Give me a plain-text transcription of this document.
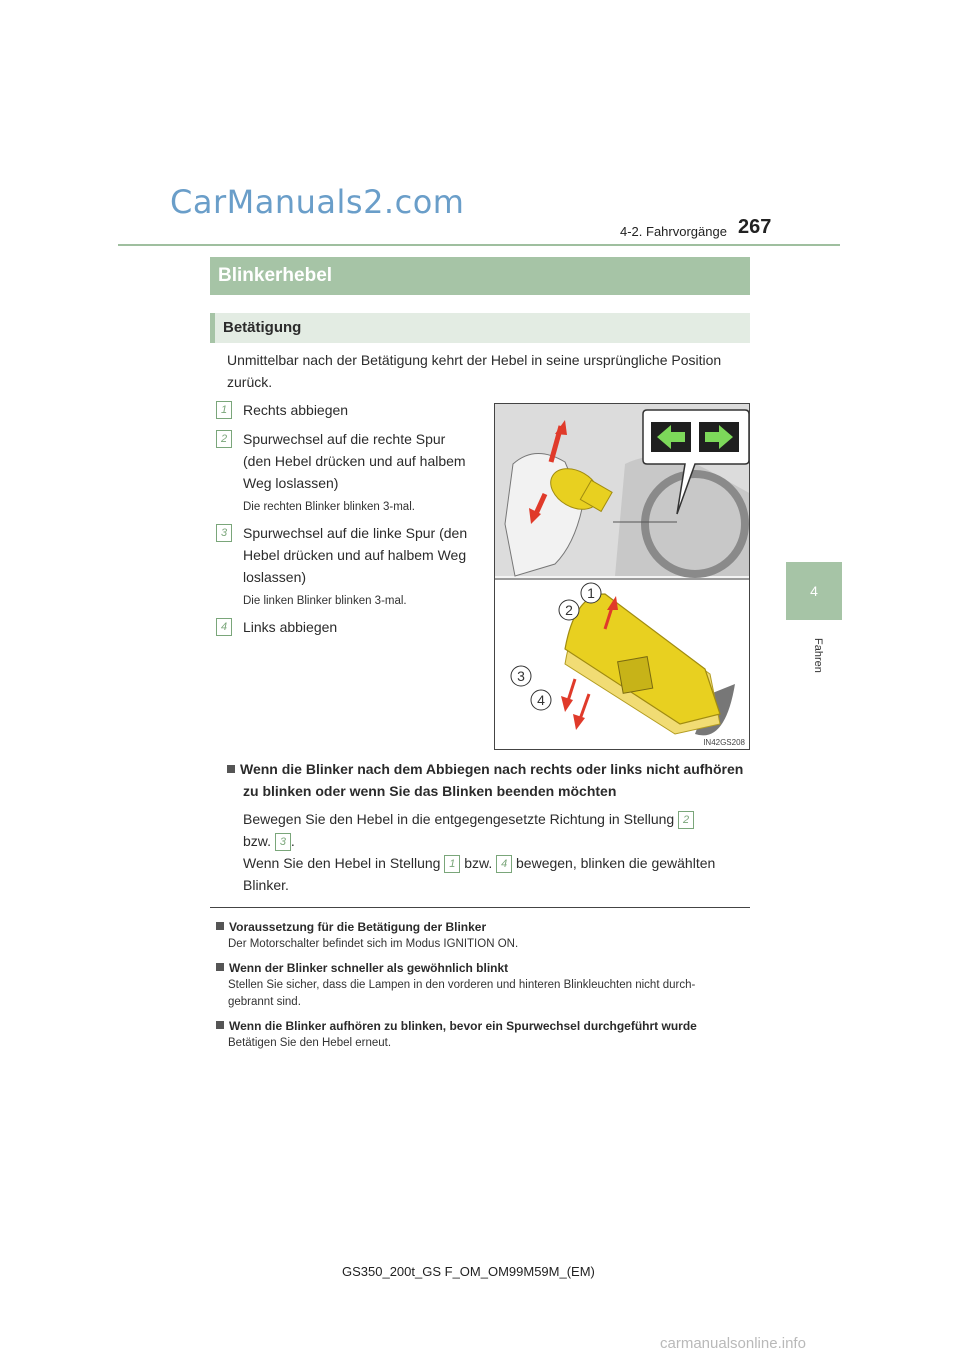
CarManuals2.com
4-2. Fahrvorgänge 267
4
Fahren
Blinkerhebel
Betätigung
Unmittelbar nach der Betätigung kehrt der Hebel in seine ursprüngliche Position zurück.
1	Rechts abbiegen
2	Spurwechsel auf die rechte Spur
(den Hebel drücken und auf halbem
Weg loslassen)
Die rechten Blinker blinken 3-mal.
3	Spurwechsel auf die linke Spur (den
Hebel drücken und auf halbem Weg
loslassen)
Die linken Blinker blinken 3-mal.
4	Links abbiegen
1
2
3
4
IN42GS208
Wenn die Blinker nach dem Abbiegen nach rechts oder links nicht aufhören
zu blinken oder wenn Sie das Blinken beenden möchten
Bewegen Sie den Hebel in die entgegengesetzte Richtung in Stellung 2
bzw. 3 .
Wenn Sie den Hebel in Stellung 1 bzw. 4 bewegen, blinken die gewählten
Blinker.
Voraussetzung für die Betätigung der Blinker
Der Motorschalter befindet sich im Modus IGNITION ON.
Wenn der Blinker schneller als gewöhnlich blinkt
Stellen Sie sicher, dass die Lampen in den vorderen und hinteren Blinkleuchten nicht durch-
gebrannt sind.
Wenn die Blinker aufhören zu blinken, bevor ein Spurwechsel durchgeführt wurde
Betätigen Sie den Hebel erneut.
GS350_200t_GS F_OM_OM99M59M_(EM)
carmanualsonline.info
